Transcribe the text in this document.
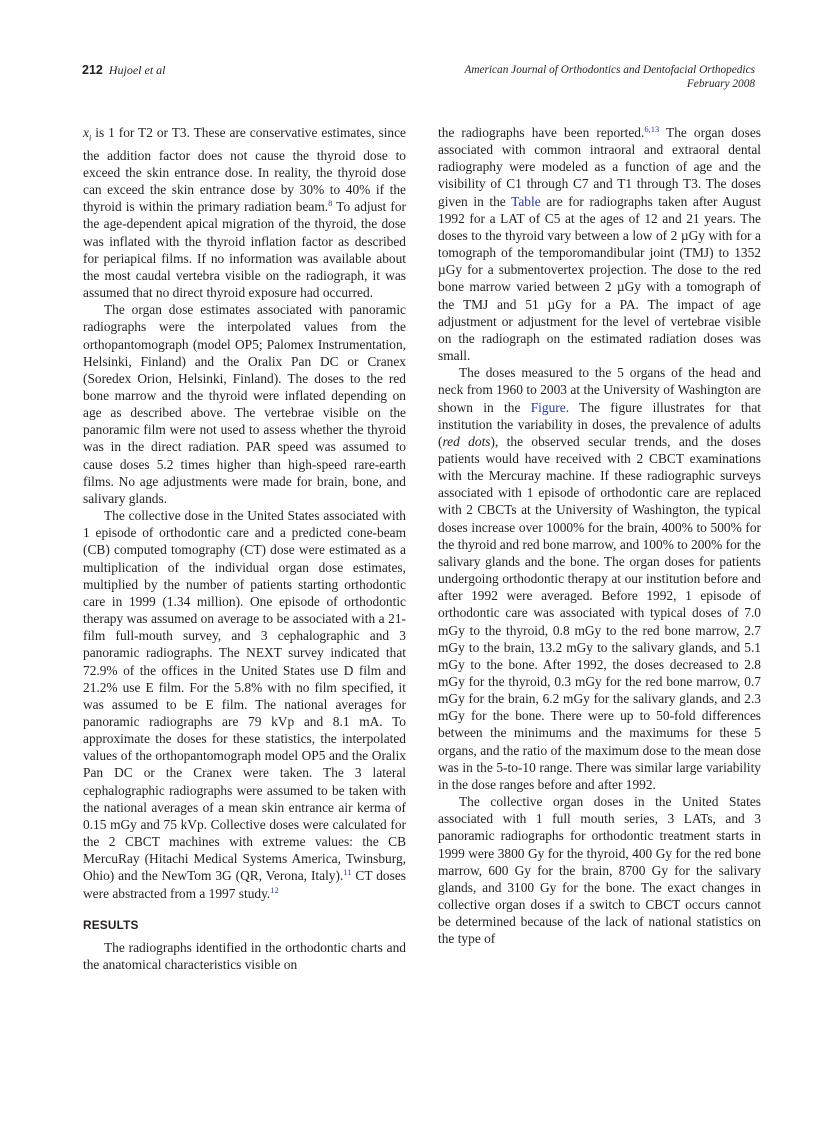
212 Hujoel et al	American Journal of Orthodontics and Dentofacial Orthopedics
February 2008

$x_i$ is 1 for T2 or T3. These are conservative estimates, since the addition factor does not cause the thyroid dose to exceed the skin entrance dose. In reality, the thyroid dose can exceed the skin entrance dose by 30% to 40% if the thyroid is within the primary radiation beam.$^8$ To adjust for the age-dependent apical migration of the thyroid, the dose was inflated with the thyroid inflation factor as described for periapical films. If no information was available about the most caudal vertebra visible on the radiograph, it was assumed that no direct thyroid exposure had occurred.

The organ dose estimates associated with panoramic radiographs were the interpolated values from the orthopantomograph (model OP5; Palomex Instrumentation, Helsinki, Finland) and the Oralix Pan DC or Cranex (Soredex Orion, Helsinki, Finland). The doses to the red bone marrow and the thyroid were inflated depending on age as described above. The vertebrae visible on the panoramic film were not used to assess whether the thyroid was in the direct radiation. PAR speed was assumed to cause doses 5.2 times higher than high-speed rare-earth films. No age adjustments were made for brain, bone, and salivary glands.

The collective dose in the United States associated with 1 episode of orthodontic care and a predicted cone-beam (CB) computed tomography (CT) dose were estimated as a multiplication of the individual organ dose estimates, multiplied by the number of patients starting orthodontic care in 1999 (1.34 million). One episode of orthodontic therapy was assumed on average to be associated with a 21-film full-mouth survey, and 3 cephalographic and 3 panoramic radiographs. The NEXT survey indicated that 72.9% of the offices in the United States use D film and 21.2% use E film. For the 5.8% with no film specified, it was assumed to be E film. The national averages for panoramic radiographs are 79 kVp and 8.1 mA. To approximate the doses for these statistics, the interpolated values of the orthopantomograph model OP5 and the Oralix Pan DC or the Cranex were taken. The 3 lateral cephalographic radiographs were assumed to be taken with the national averages of a mean skin entrance air kerma of 0.15 mGy and 75 kVp. Collective doses were calculated for the 2 CBCT machines with extreme values: the CB MercuRay (Hitachi Medical Systems America, Twinsburg, Ohio) and the NewTom 3G (QR, Verona, Italy).$^{11}$ CT doses were abstracted from a 1997 study.$^{12}$

RESULTS

The radiographs identified in the orthodontic charts and the anatomical characteristics visible on

the radiographs have been reported.$^{6,13}$ The organ doses associated with common intraoral and extraoral dental radiography were modeled as a function of age and the visibility of C1 through C7 and T1 through T3. The doses given in the Table are for radiographs taken after August 1992 for a LAT of C5 at the ages of 12 and 21 years. The doses to the thyroid vary between a low of 2 µGy with for a tomograph of the temporomandibular joint (TMJ) to 1352 µGy for a submentovertex projection. The dose to the red bone marrow varied between 2 µGy with a tomograph of the TMJ and 51 µGy for a PA. The impact of age adjustment or adjustment for the level of vertebrae visible on the radiograph on the estimated radiation doses was small.

The doses measured to the 5 organs of the head and neck from 1960 to 2003 at the University of Washington are shown in the Figure. The figure illustrates for that institution the variability in doses, the prevalence of adults (red dots), the observed secular trends, and the doses patients would have received with 2 CBCT examinations with the Mercuray machine. If these radiographic surveys associated with 1 episode of orthodontic care are replaced with 2 CBCTs at the University of Washington, the typical doses increase over 1000% for the brain, 400% to 500% for the thyroid and red bone marrow, and 100% to 200% for the salivary glands and the bone. The organ doses for patients undergoing orthodontic therapy at our institution before and after 1992 were averaged. Before 1992, 1 episode of orthodontic care was associated with typical doses of 7.0 mGy to the thyroid, 0.8 mGy to the red bone marrow, 2.7 mGy to the brain, 13.2 mGy to the salivary glands, and 5.1 mGy to the bone. After 1992, the doses decreased to 2.8 mGy for the thyroid, 0.3 mGy for the red bone marrow, 0.7 mGy for the brain, 6.2 mGy for the salivary glands, and 2.3 mGy for the bone. There were up to 50-fold differences between the minimums and the maximums for these 5 organs, and the ratio of the maximum dose to the mean dose was in the 5-to-10 range. There was similar large variability in the dose ranges before and after 1992.

The collective organ doses in the United States associated with 1 full mouth series, 3 LATs, and 3 panoramic radiographs for orthodontic treatment starts in 1999 were 3800 Gy for the thyroid, 400 Gy for the red bone marrow, 600 Gy for the brain, 8700 Gy for the salivary glands, and 3100 Gy for the bone. The exact changes in collective organ doses if a switch to CBCT occurs cannot be determined because of the lack of national statistics on the type of
